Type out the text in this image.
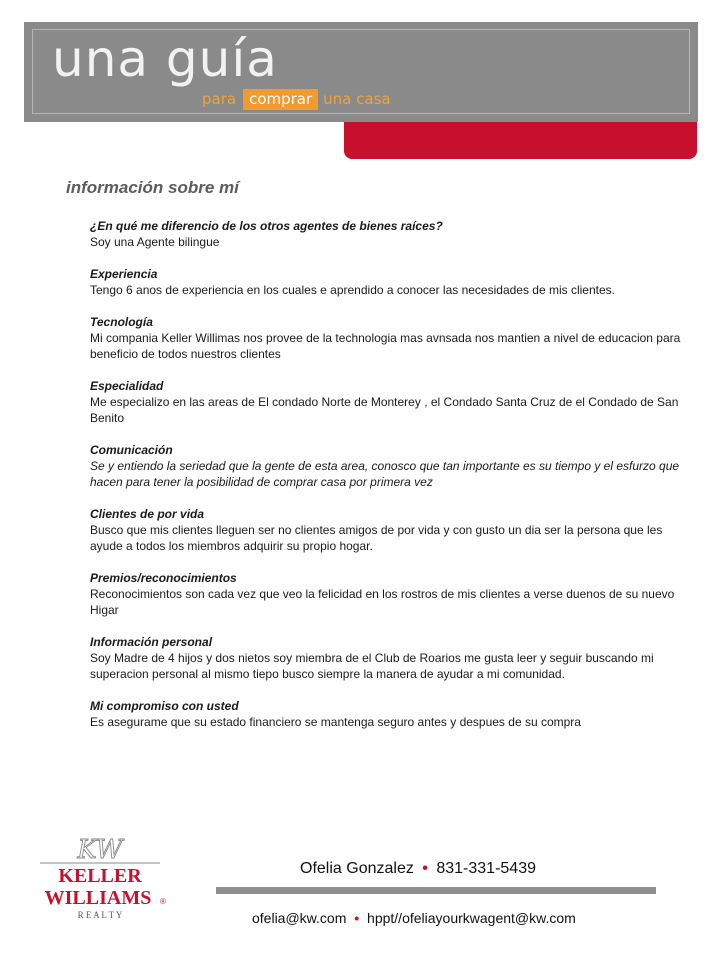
una guía
para comprar una casa
información sobre mí
¿En qué me diferencio de los otros agentes de bienes raíces?
Soy una Agente bilingue
Experiencia
Tengo 6 anos de experiencia en los cuales e aprendido a conocer las necesidades de mis clientes.
Tecnología
Mi compania Keller Willimas nos provee de la technologia mas avnsada nos mantien a nivel de educacion para beneficio de todos nuestros clientes
Especialidad
Me especializo en las areas de El condado Norte de Monterey , el Condado Santa Cruz de el Condado de San Benito
Comunicación
Se y entiendo la seriedad que la gente de esta area, conosco que tan importante es su tiempo y el esfurzo que hacen para tener la posibilidad de comprar casa por primera vez
Clientes de por vida
Busco que mis clientes lleguen ser no clientes amigos de por vida y con gusto un dia ser la persona que les ayude a todos los miembros adquirir su propio hogar.
Premios/reconocimientos
Reconocimientos son cada vez que veo la felicidad en los rostros de mis clientes a verse duenos de su nuevo Higar
Información personal
Soy Madre de 4 hijos y dos nietos soy miembra de el Club de Roarios me gusta leer y seguir buscando mi superacion personal al mismo tiepo busco siempre la manera de ayudar a mi comunidad.
Mi compromiso con usted
Es asegurame que su estado financiero se mantenga seguro antes y despues de su compra
KW
KELLER
WILLIAMS ®
R E A L T Y
Ofelia Gonzalez • 831-331-5439
ofelia@kw.com • hppt//ofeliayourkwagent@kw.com
